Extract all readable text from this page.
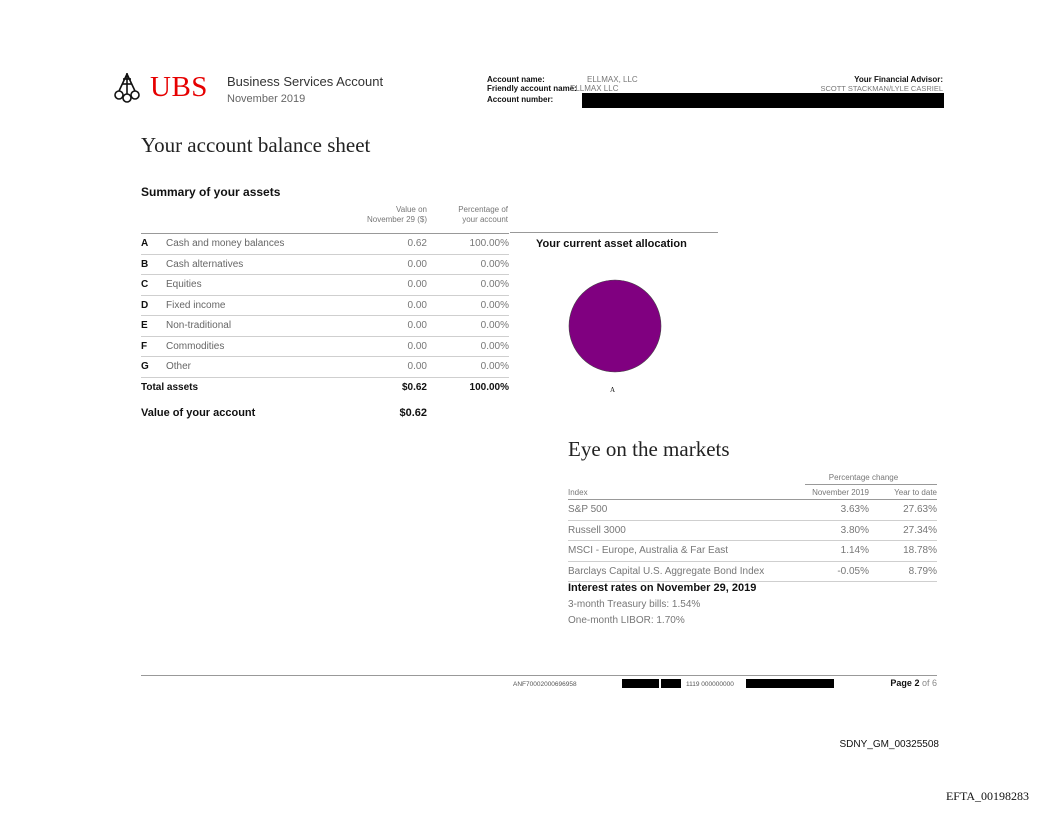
UBS Business Services Account
November 2019
Account name:	ELLMAX, LLC
Friendly account name:
ELLMAX LLC
Account number:
Your Financial Advisor:
SCOTT STACKMAN/LYLE CASRIEL
Your account balance sheet
Summary of your assets
Value on
November 29 ($)
Percentage of
your account
A Cash and money balances	0.62	100.00%
B Cash alternatives	0.00	0.00%
C Equities	0.00	0.00%
D Fixed income	0.00	0.00%
E Non-traditional	0.00	0.00%
F Commodities	0.00	0.00%
G Other	0.00	0.00%
Total assets	$0.62	100.00%
Value of your account	$0.62
Your current asset allocation
A
Eye on the markets
Percentage change
Index	November 2019	Year to date
S&P 500	3.63%	27.63%
Russell 3000	3.80%	27.34%
MSCI - Europe, Australia & Far East	1.14%	18.78%
Barclays Capital U.S. Aggregate Bond Index	-0.05%	8.79%
Interest rates on November 29, 2019
3-month Treasury bills: 1.54%
One-month LIBOR: 1.70%
ANF70002000696958	1119 000000000	Page 2 of 6
SDNY_GM_00325508
EFTA_00198283
